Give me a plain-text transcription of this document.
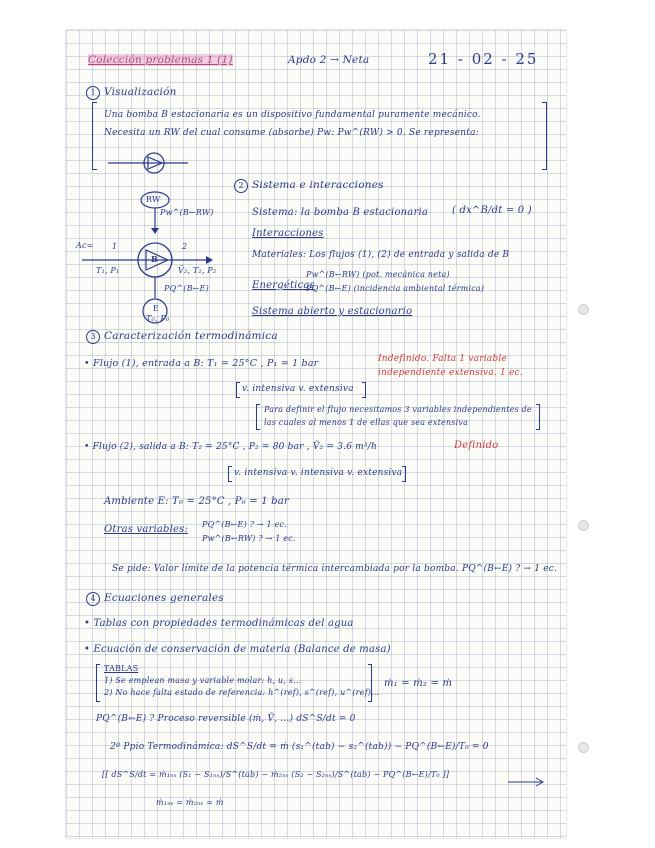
Colección problemas 1 (1)	Apdo 2 → Neta	21 - 02 - 25
1 Visualización
Una bomba B estacionaria es un dispositivo fundamental puramente mecánico.
Necesita un RW del cual consume (absorbe) Pw: Pw^(RW) > 0. Se representa:
2 Sistema e interacciones
RW
Pw^(B←RW)
B
Ac= 1	2
T₁, P₁	Ṽ₂, T₂, P₂
PQ^(B←E)
E
T₀, P₀
Sistema: la bomba B estacionaria ( dx^B/dt = 0 )
Interacciones
Materiales: Los flujos (1), (2) de entrada y salida de B
Energéticas
Pw^(B←RW) (pot. mecánica neta)
PQ^(B←E) (incidencia ambiental térmica)
Sistema abierto y estacionario
3 Caracterización termodinámica
• Flujo (1), entrada a B: T₁ = 25°C , P₁ = 1 bar	Indefinido. Falta 1 variable
independiente extensiva. 1 ec.
v. intensiva v. extensiva
Para definir el flujo necesitamos 3 variables independientes de
las cuales al menos 1 de ellas que sea extensiva
• Flujo (2), salida a B: T₂ = 25°C , P₂ = 80 bar , Ṽ₂ = 3.6 m³/h	Definido
v. intensiva v. intensiva v. extensiva
Ambiente E: T₀ = 25°C , P₀ = 1 bar
Otras variables: PQ^(B←E) ? → 1 ec.
Pw^(B←RW) ? → 1 ec.
Se pide: Valor límite de la potencia térmica intercambiada por la bomba. PQ^(B←E) ? → 1 ec.
4 Ecuaciones generales
• Tablas con propiedades termodinámicas del agua
• Ecuación de conservación de materia (Balance de masa)
TABLAS
1) Se emplean masa y variable molar: h, u, s...
2) No hace falta estado de referencia: h^(ref), s^(ref), u^(ref)...
ṁ₁ = ṁ₂ = ṁ
PQ^(B←E) ? Proceso reversible (ṁ, Ṽ, ...) dS^S/dt = 0
2º Ppio Termodinámica: dS^S/dt = ṁ (s₁^(tab) − s₂^(tab)) − PQ^(B←E)/T₀ = 0
[[ dS^S/dt = ṁ₁ₙₛ (S₁ − S₁ₙₛ)/S^(tab) − ṁ₂ₙₛ (S₂ − S₂ₙₛ)/S^(tab) − PQ^(B←E)/T₀ ]]
ṁ₁ₙₛ = ṁ₂ₙₛ = ṁ
